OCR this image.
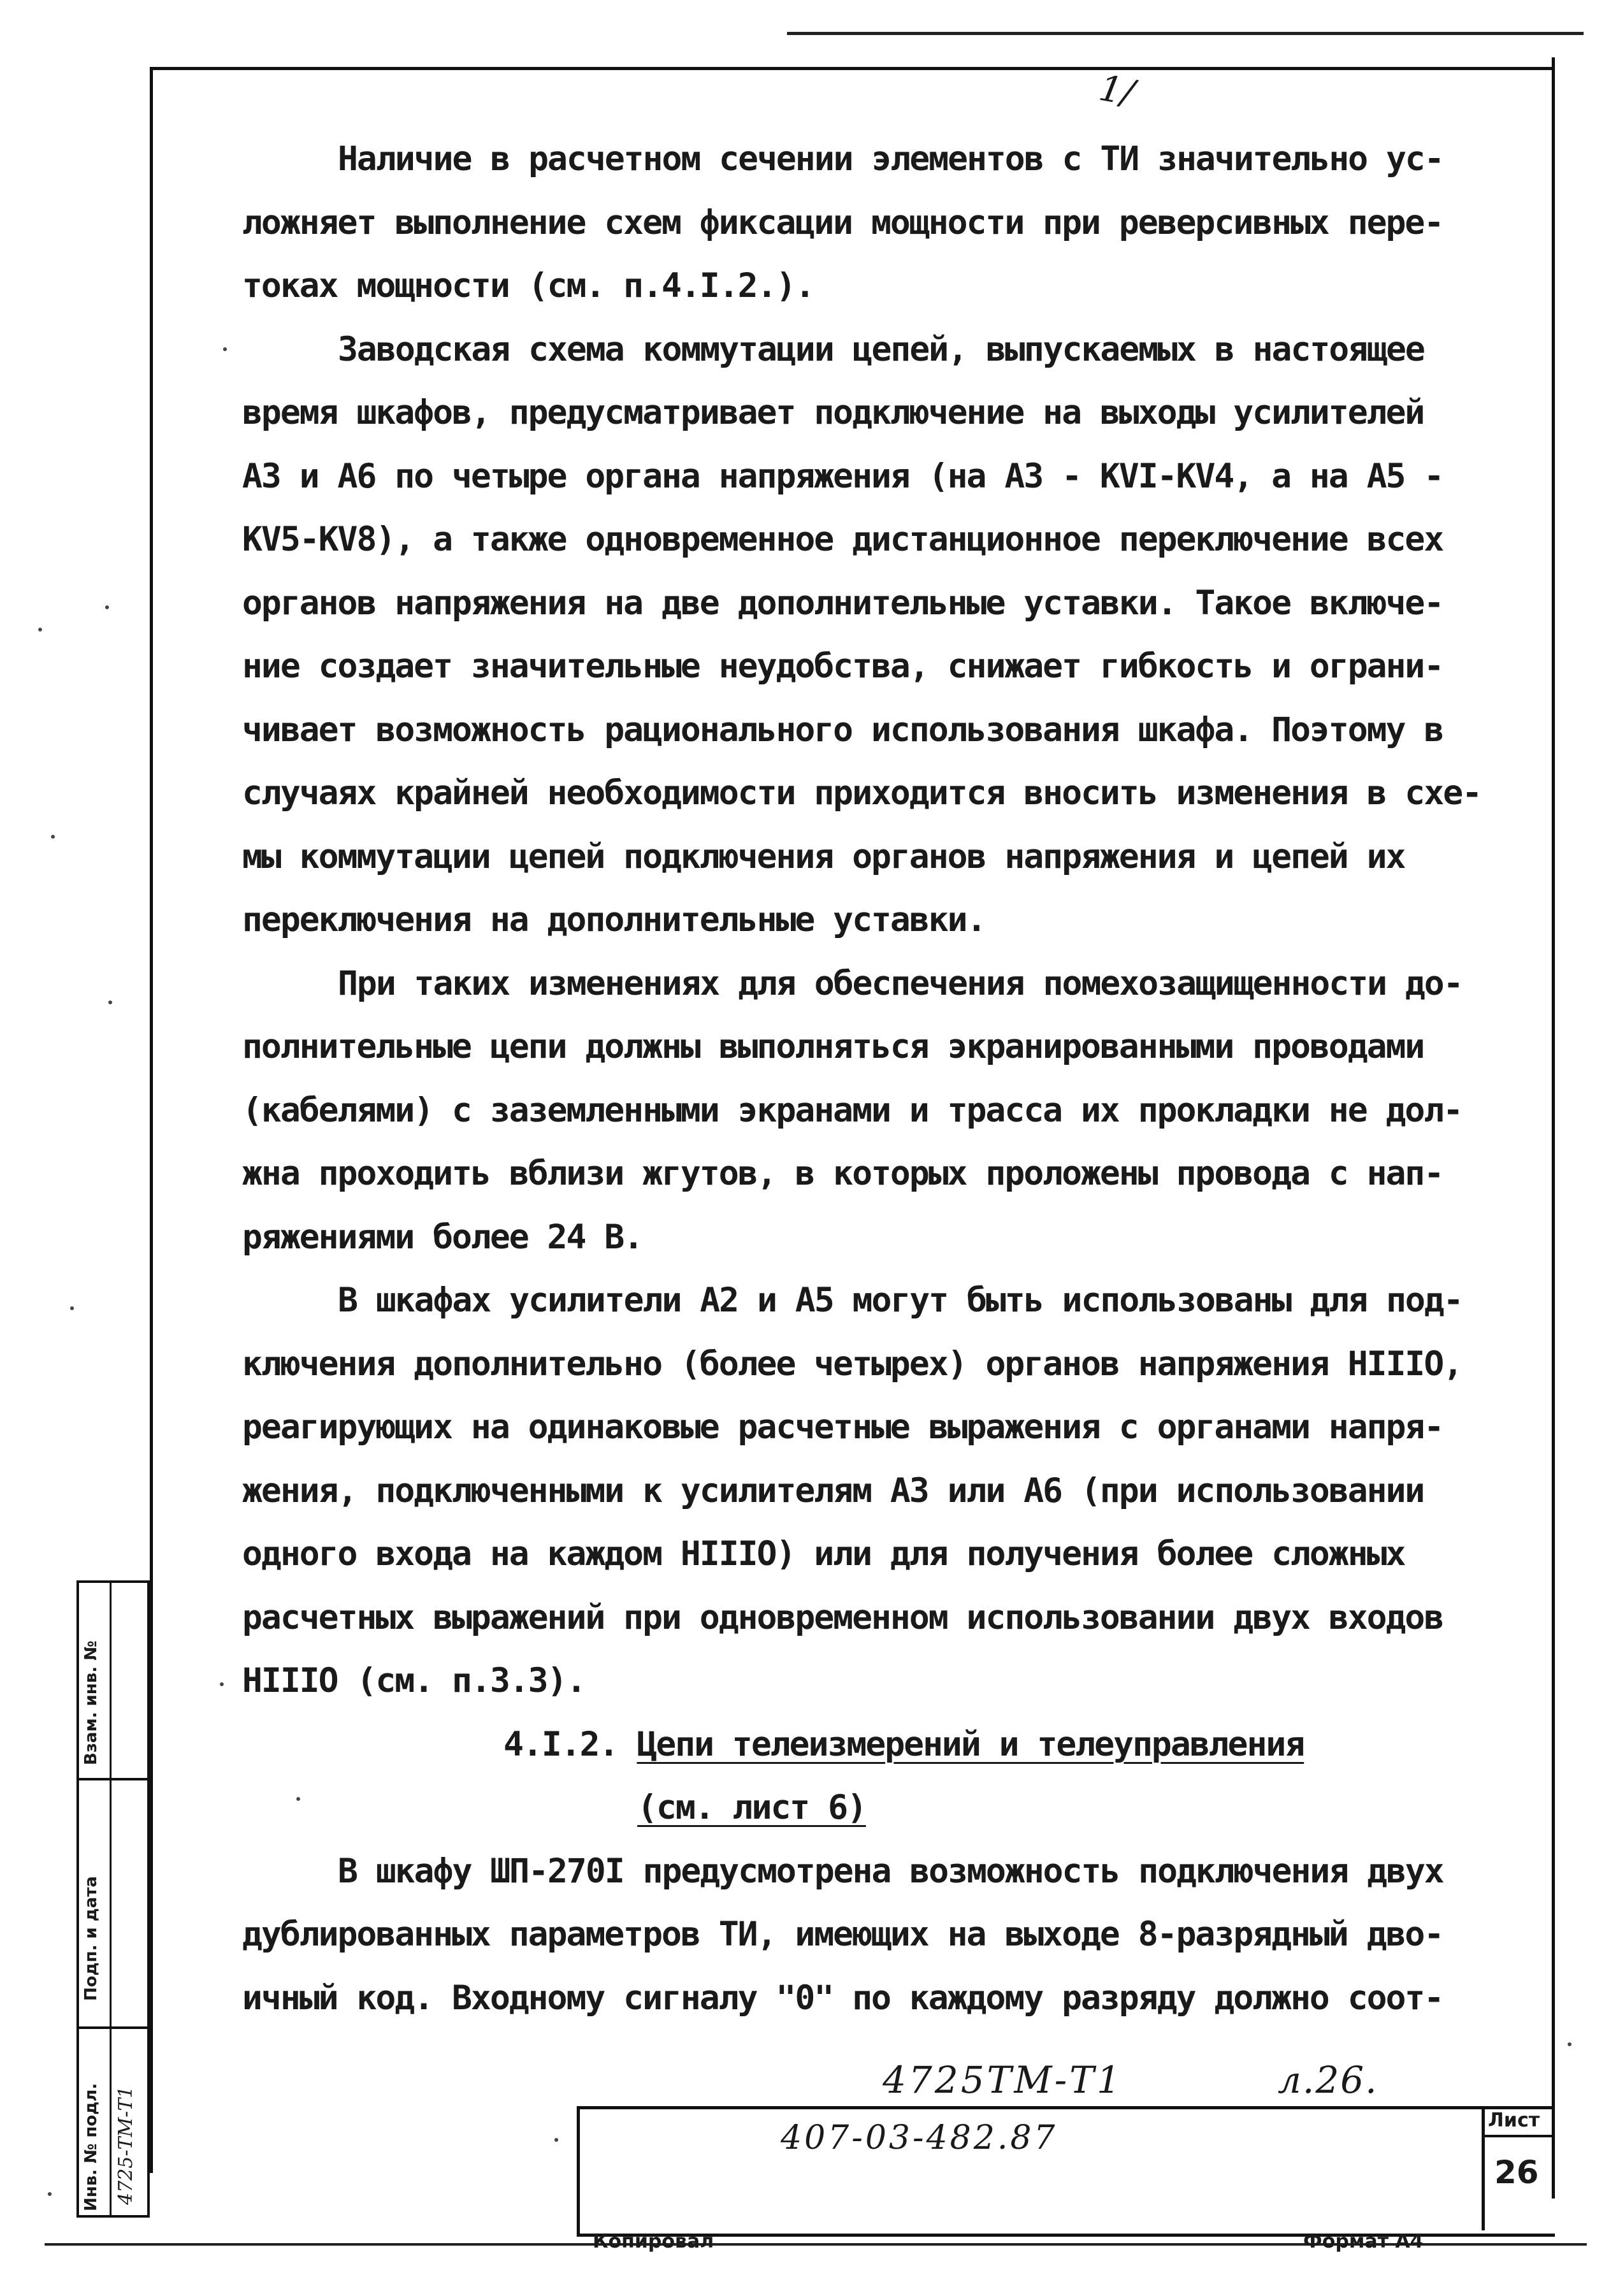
1/
Наличие в расчетном сечении элементов с ТИ значительно ус-
ложняет выполнение схем фиксации мощности при реверсивных пере-
токах мощности (см. п.4.I.2.).
Заводская схема коммутации цепей, выпускаемых в настоящее
время шкафов, предусматривает подключение на выходы усилителей
А3 и А6 по четыре органа напряжения (на А3 - КVI-КV4, а на А5 -
КV5-КV8), а также одновременное дистанционное переключение всех
органов напряжения на две дополнительные уставки. Такое включе-
ние создает значительные неудобства, снижает гибкость и ограни-
чивает возможность рационального использования шкафа. Поэтому в
случаях крайней необходимости приходится вносить изменения в схе-
мы коммутации цепей подключения органов напряжения и цепей их
переключения на дополнительные уставки.
При таких изменениях для обеспечения помехозащищенности до-
полнительные цепи должны выполняться экранированными проводами
(кабелями) с заземленными экранами и трасса их прокладки не дол-
жна проходить вблизи жгутов, в которых проложены провода с нап-
ряжениями более 24 В.
В шкафах усилители А2 и А5 могут быть использованы для под-
ключения дополнительно (более четырех) органов напряжения НIIIО,
реагирующих на одинаковые расчетные выражения с органами напря-
жения, подключенными к усилителям А3 или А6 (при использовании
одного входа на каждом НIIIО) или для получения более сложных
расчетных выражений при одновременном использовании двух входов
НIIIО (см. п.3.3).
4.I.2. Цепи телеизмерений и телеуправления
(см. лист 6)
В шкафу ШП-270I предусмотрена возможность подключения двух
дублированных параметров ТИ, имеющих на выходе 8-разрядный дво-
ичный код. Входному сигналу "0" по каждому разряду должно соот-
4725ТМ-Т1	л.26.
407-03-482.87	Лист
26
Копировал	Формат А4
Взам. инв. №
Подп. и дата
Инв. № подл. 4725-ТМ-Т1
